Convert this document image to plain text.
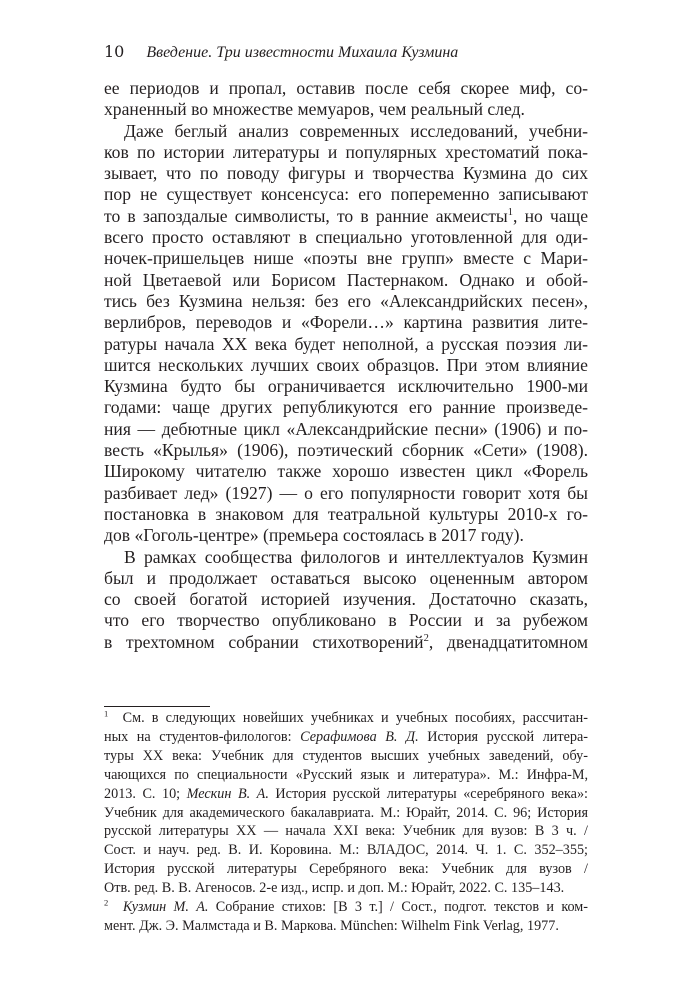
10 Введение. Три известности Михаила Кузмина
ее периодов и пропал, оставив после себя скорее миф, со-
храненный во множестве мемуаров, чем реальный след.
Даже беглый анализ современных исследований, учебни-
ков по истории литературы и популярных хрестоматий пока-
зывает, что по поводу фигуры и творчества Кузмина до сих
пор не существует консенсуса: его попеременно записывают
то в запоздалые символисты, то в ранние акмеисты$^1$, но чаще
всего просто оставляют в специально уготовленной для оди-
ночек-пришельцев нише «поэты вне групп» вместе с Мари-
ной Цветаевой или Борисом Пастернаком. Однако и обой-
тись без Кузмина нельзя: без его «Александрийских песен»,
верлибров, переводов и «Форели…» картина развития лите-
ратуры начала XX века будет неполной, а русская поэзия ли-
шится нескольких лучших своих образцов. При этом влияние
Кузмина будто бы ограничивается исключительно 1900-ми
годами: чаще других републикуются его ранние произведе-
ния — дебютные цикл «Александрийские песни» (1906) и по-
весть «Крылья» (1906), поэтический сборник «Сети» (1908).
Широкому читателю также хорошо известен цикл «Форель
разбивает лед» (1927) — о его популярности говорит хотя бы
постановка в знаковом для театральной культуры 2010-х го-
дов «Гоголь-центре» (премьера состоялась в 2017 году).
В рамках сообщества филологов и интеллектуалов Кузмин
был и продолжает оставаться высоко оцененным автором
со своей богатой историей изучения. Достаточно сказать,
что его творчество опубликовано в России и за рубежом
в трехтомном собрании стихотворений$^2$, двенадцатитомном
$^1$  См. в следующих новейших учебниках и учебных пособиях, рассчитан-
ных на студентов-филологов: Серафимова В. Д. История русской литера-
туры XX века: Учебник для студентов высших учебных заведений, обу-
чающихся по специальности «Русский язык и литература». М.: Инфра-М,
2013. С. 10; Мескин В. А. История русской литературы «серебряного века»:
Учебник для академического бакалавриата. М.: Юрайт, 2014. С. 96; История
русской литературы XX — начала XXI века: Учебник для вузов: В 3 ч. /
Сост. и науч. ред. В. И. Коровина. М.: ВЛАДОС, 2014. Ч. 1. С. 352–355;
История русской литературы Серебряного века: Учебник для вузов /
Отв. ред. В. В. Агеносов. 2-е изд., испр. и доп. М.: Юрайт, 2022. С. 135–143.
$^2$ Кузмин М. А. Собрание стихов: [В 3 т.] / Сост., подгот. текстов и ком-
мент. Дж. Э. Малмстада и В. Маркова. München: Wilhelm Fink Verlag, 1977.
